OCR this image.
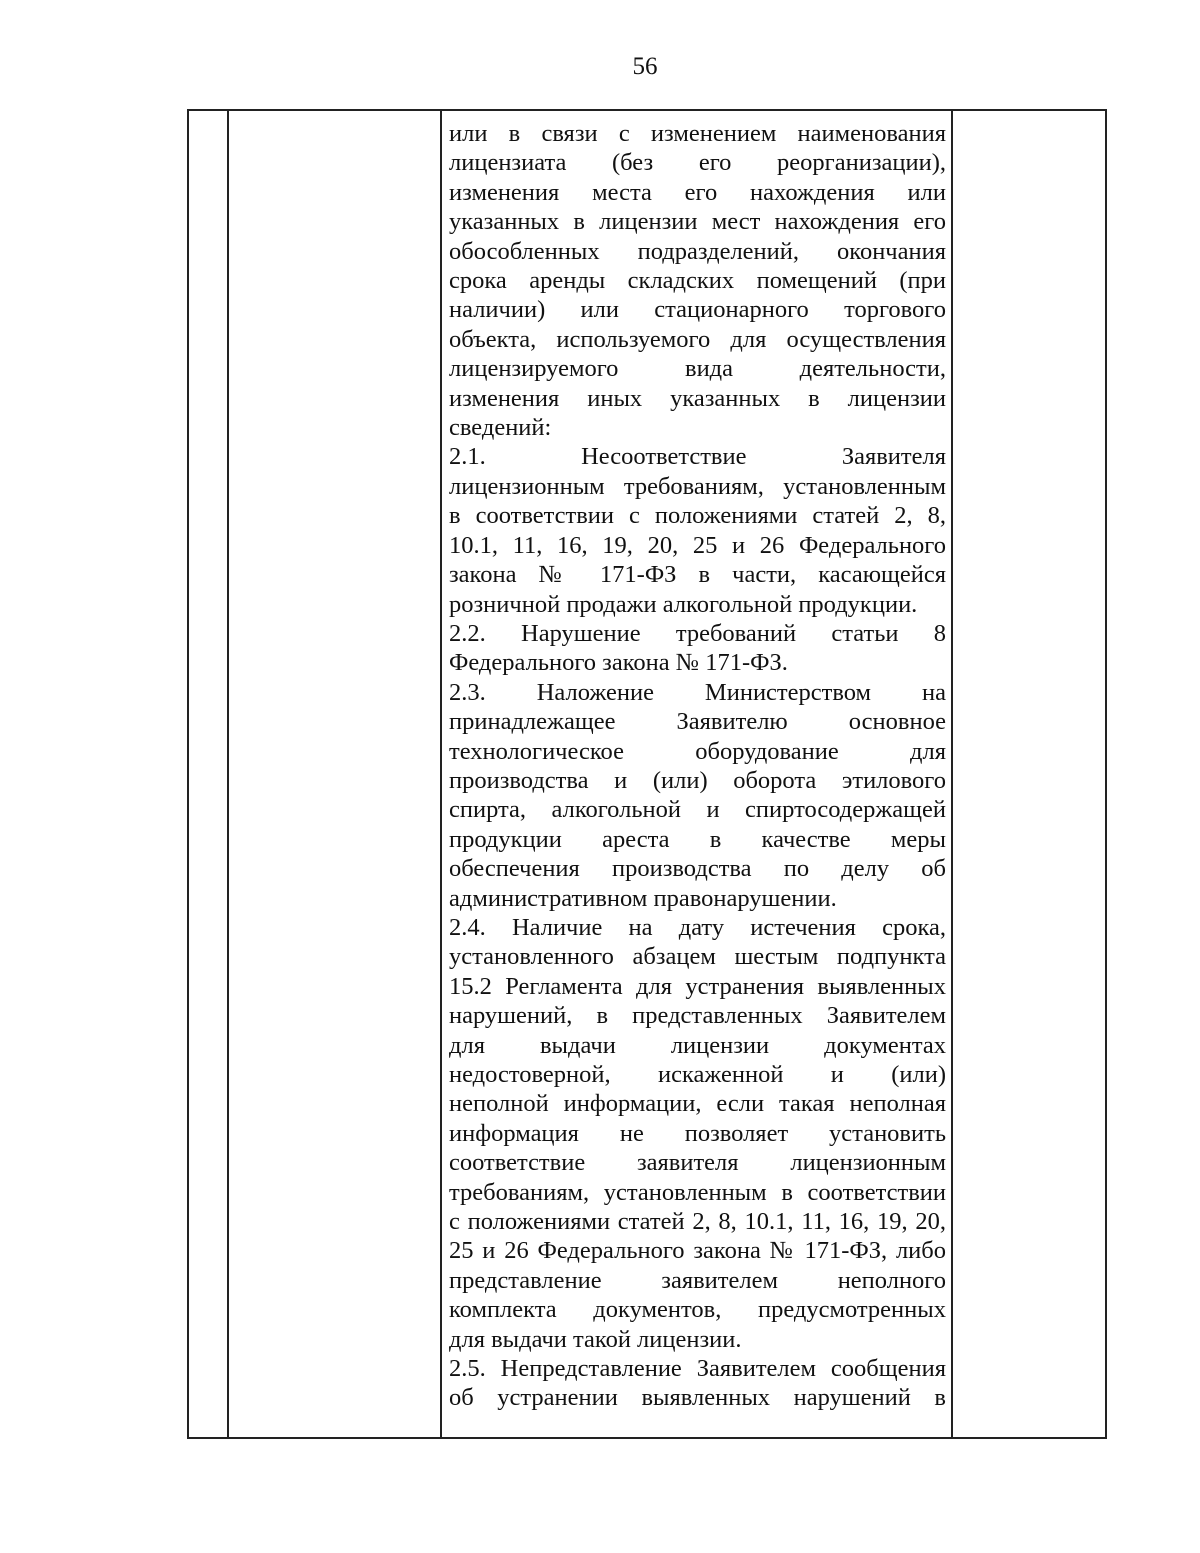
56

или в связи с изменением наименования

лицензиата (без его реорганизации),

изменения места его нахождения или

указанных в лицензии мест нахождения его

обособленных подразделений, окончания

срока аренды складских помещений (при

наличии) или стационарного торгового

объекта, используемого для осуществления

лицензируемого вида деятельности,

изменения иных указанных в лицензии

сведений:

2.1. Несоответствие Заявителя

лицензионным требованиям, установленным

в соответствии с положениями статей 2, 8,

10.1, 11, 16, 19, 20, 25 и 26 Федерального

закона № 171-ФЗ в части, касающейся

розничной продажи алкогольной продукции.

2.2. Нарушение требований статьи 8

Федерального закона № 171-ФЗ.

2.3. Наложение Министерством на

принадлежащее Заявителю основное

технологическое оборудование для

производства и (или) оборота этилового

спирта, алкогольной и спиртосодержащей

продукции ареста в качестве меры

обеспечения производства по делу об

административном правонарушении.

2.4. Наличие на дату истечения срока,

установленного абзацем шестым подпункта

15.2 Регламента для устранения выявленных

нарушений, в представленных Заявителем

для выдачи лицензии документах

недостоверной, искаженной и (или)

неполной информации, если такая неполная

информация не позволяет установить

соответствие заявителя лицензионным

требованиям, установленным в соответствии

с положениями статей 2, 8, 10.1, 11, 16, 19, 20,

25 и 26 Федерального закона № 171-ФЗ, либо

представление заявителем неполного

комплекта документов, предусмотренных

для выдачи такой лицензии.

2.5. Непредставление Заявителем сообщения

об устранении выявленных нарушений в
